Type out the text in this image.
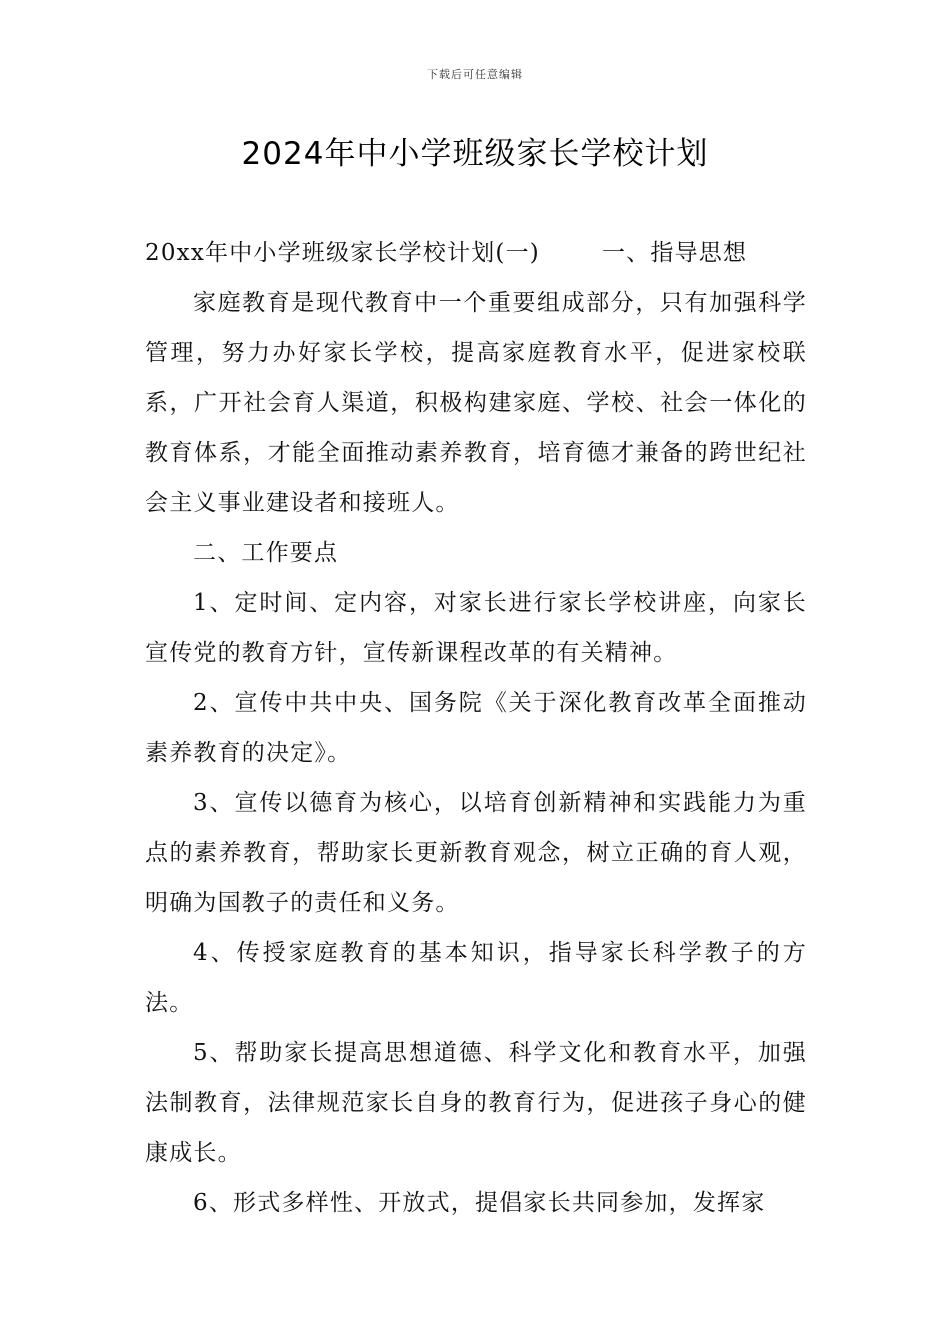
下载后可任意编辑
2024年中小学班级家长学校计划

20xx年中小学班级家长学校计划(一)	一、指导思想

家庭教育是现代教育中一个重要组成部分，只有加强科学管理，努力办好家长学校，提高家庭教育水平，促进家校联系，广开社会育人渠道，积极构建家庭、学校、社会一体化的教育体系，才能全面推动素养教育，培育德才兼备的跨世纪社会主义事业建设者和接班人。

二、工作要点

1、定时间、定内容，对家长进行家长学校讲座，向家长宣传党的教育方针，宣传新课程改革的有关精神。

2、宣传中共中央、国务院《关于深化教育改革全面推动素养教育的决定》。

3、宣传以德育为核心，以培育创新精神和实践能力为重点的素养教育，帮助家长更新教育观念，树立正确的育人观，明确为国教子的责任和义务。

4、传授家庭教育的基本知识，指导家长科学教子的方法。

5、帮助家长提高思想道德、科学文化和教育水平，加强法制教育，法律规范家长自身的教育行为，促进孩子身心的健康成长。

6、形式多样性、开放式，提倡家长共同参加，发挥家
